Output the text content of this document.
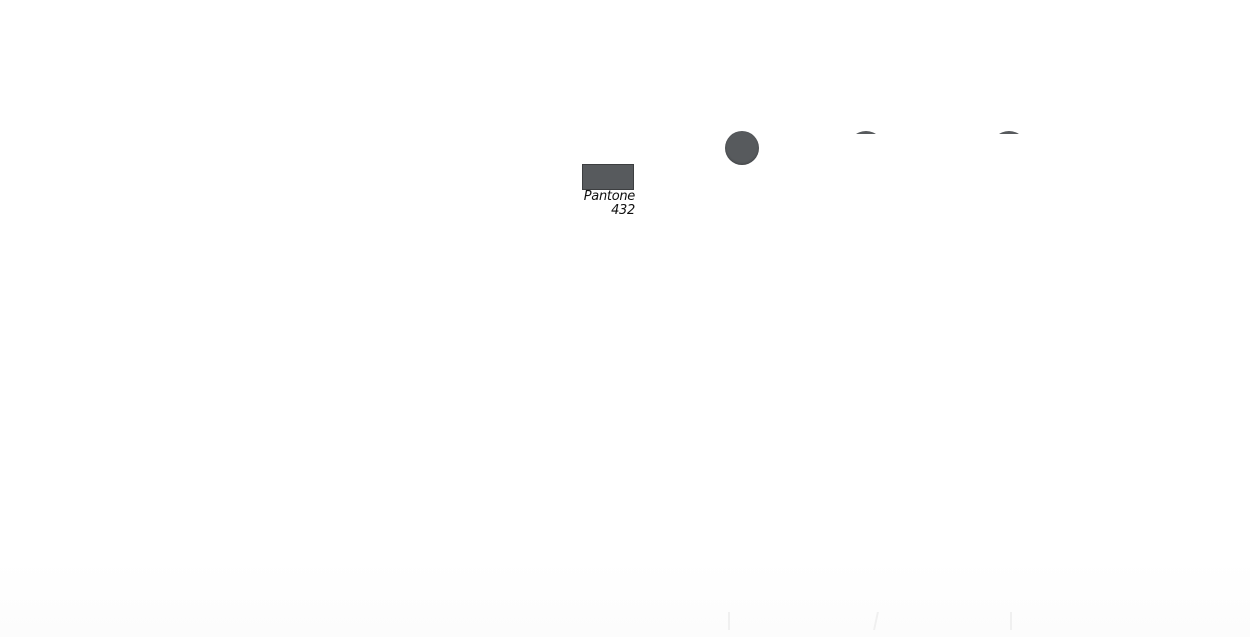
Pantone
432
